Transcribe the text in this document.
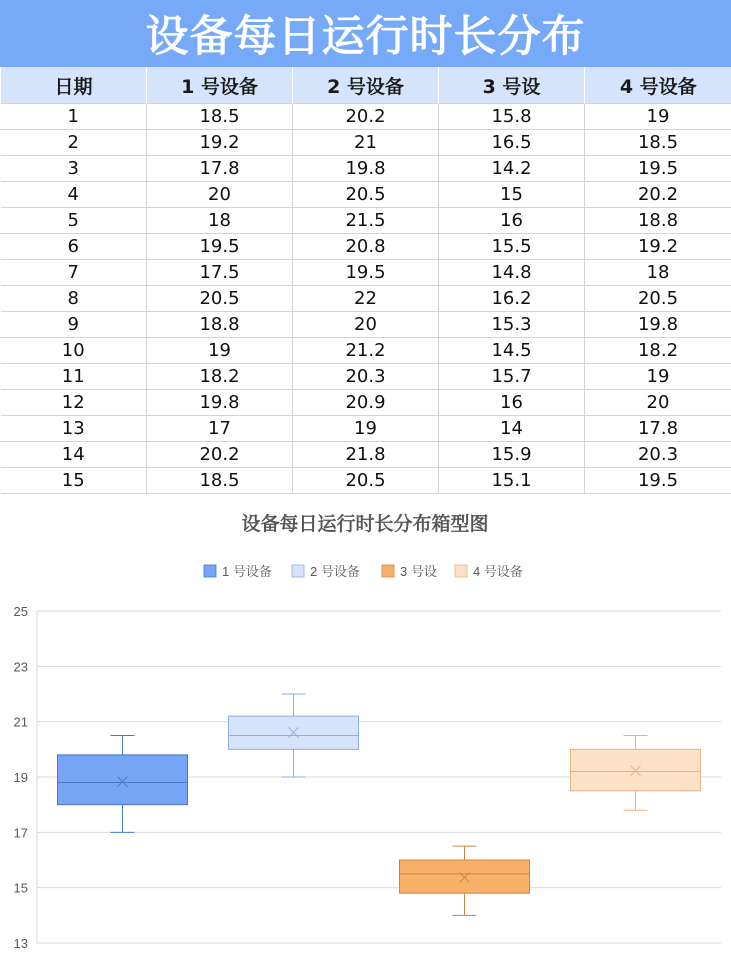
设备每日运行时长分布
日期	1 号设备	2 号设备	3 号设	4 号设备
1	18.5	20.2	15.8	19
2	19.2	21	16.5	18.5
3	17.8	19.8	14.2	19.5
4	20	20.5	15	20.2
5	18	21.5	16	18.8
6	19.5	20.8	15.5	19.2
7	17.5	19.5	14.8	18
8	20.5	22	16.2	20.5
9	18.8	20	15.3	19.8
10	19	21.2	14.5	18.2
11	18.2	20.3	15.7	19
12	19.8	20.9	16	20
13	17	19	14	17.8
14	20.2	21.8	15.9	20.3
15	18.5	20.5	15.1	19.5
设备每日运行时长分布箱型图
1 号设备	2 号设备	3 号设	4 号设备
13
15
17
19
21
23
25
